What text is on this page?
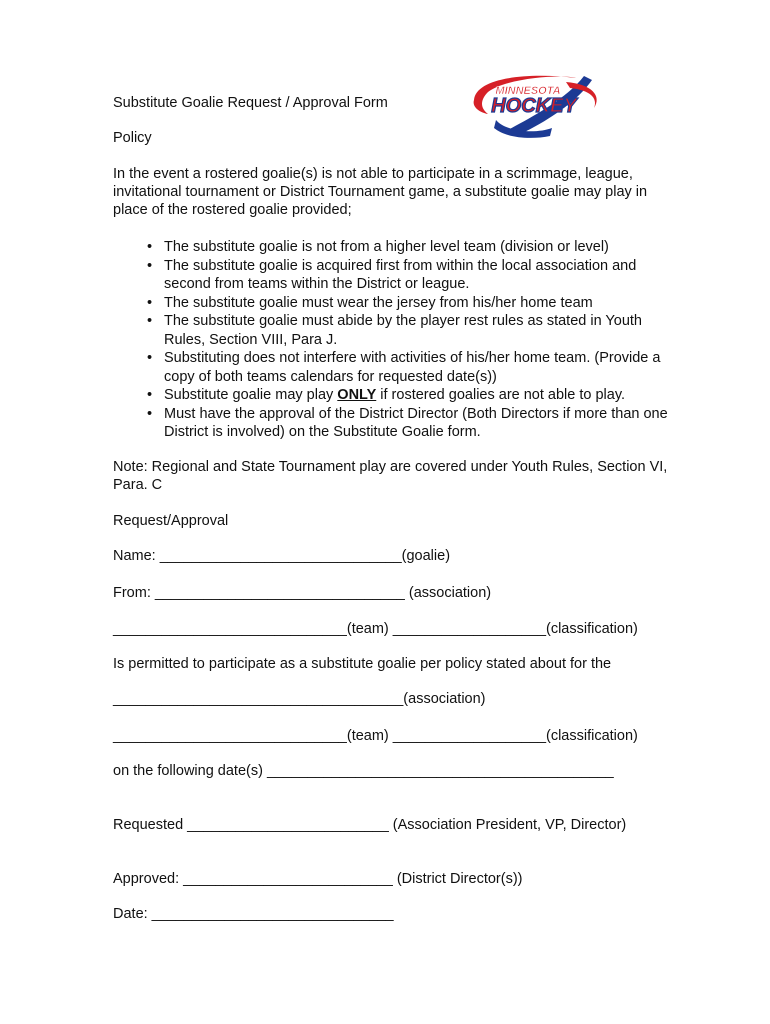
MINNESOTA
HOCKEY
Substitute Goalie Request / Approval Form
Policy
In the event a rostered goalie(s) is not able to participate in a scrimmage, league, invitational tournament or District Tournament game, a substitute goalie may play in place of the rostered goalie provided;
• The substitute goalie is not from a higher level team (division or level)
• The substitute goalie is acquired first from within the local association and second from teams within the District or league.
• The substitute goalie must wear the jersey from his/her home team
• The substitute goalie must abide by the player rest rules as stated in Youth Rules, Section VIII, Para J.
• Substituting does not interfere with activities of his/her home team. (Provide a copy of both teams calendars for requested date(s))
• Substitute goalie may play ONLY if rostered goalies are not able to play.
• Must have the approval of the District Director (Both Directors if more than one District is involved) on the Substitute Goalie form.
Note: Regional and State Tournament play are covered under Youth Rules, Section VI, Para. C
Request/Approval
Name: ______________________________(goalie)
From: _______________________________ (association)
_____________________________(team) ___________________(classification)
Is permitted to participate as a substitute goalie per policy stated about for the
____________________________________(association)
_____________________________(team) ___________________(classification)
on the following date(s) ___________________________________________
Requested _________________________ (Association President, VP, Director)
Approved: __________________________ (District Director(s))
Date: ______________________________
